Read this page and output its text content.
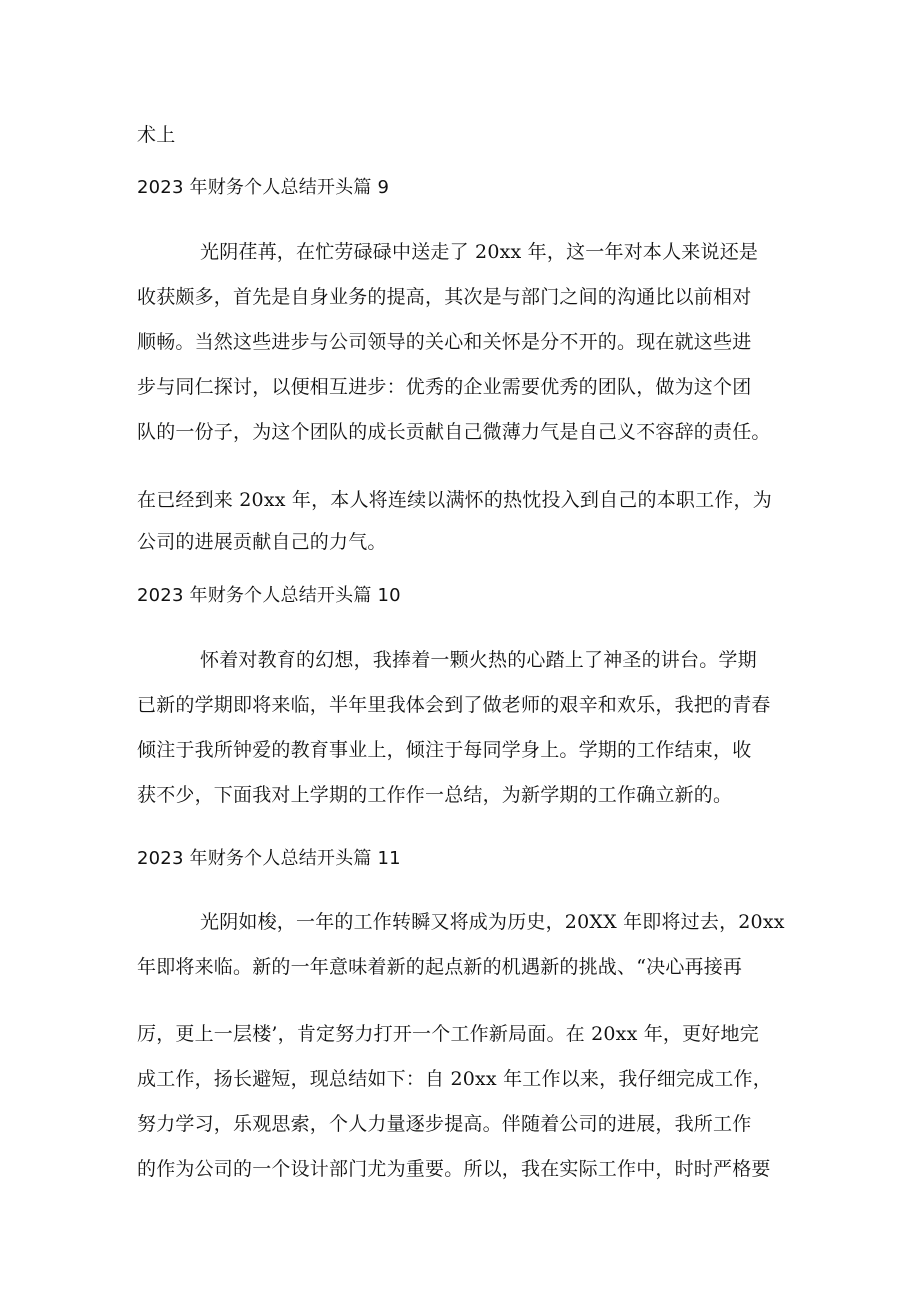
术上
2023 年财务个人总结开头篇 9
光阴荏苒，在忙劳碌碌中送走了 20xx 年，这一年对本人来说还是
收获颇多，首先是自身业务的提高，其次是与部门之间的沟通比以前相对
顺畅。当然这些进步与公司领导的关心和关怀是分不开的。现在就这些进
步与同仁探讨，以便相互进步：优秀的企业需要优秀的团队，做为这个团
队的一份子，为这个团队的成长贡献自己微薄力气是自己义不容辞的责任。
在已经到来 20xx 年，本人将连续以满怀的热忱投入到自己的本职工作，为
公司的进展贡献自己的力气。
2023 年财务个人总结开头篇 10
怀着对教育的幻想，我捧着一颗火热的心踏上了神圣的讲台。学期
已新的学期即将来临，半年里我体会到了做老师的艰辛和欢乐，我把的青春
倾注于我所钟爱的教育事业上，倾注于每同学身上。学期的工作结束，收
获不少，下面我对上学期的工作作一总结，为新学期的工作确立新的。
2023 年财务个人总结开头篇 11
光阴如梭，一年的工作转瞬又将成为历史，20XX 年即将过去，20xx
年即将来临。新的一年意味着新的起点新的机遇新的挑战、“决心再接再
厉，更上一层楼’，肯定努力打开一个工作新局面。在 20xx 年，更好地完
成工作，扬长避短，现总结如下：自 20xx 年工作以来，我仔细完成工作，
努力学习，乐观思索，个人力量逐步提高。伴随着公司的进展，我所工作
的作为公司的一个设计部门尤为重要。所以，我在实际工作中，时时严格要
